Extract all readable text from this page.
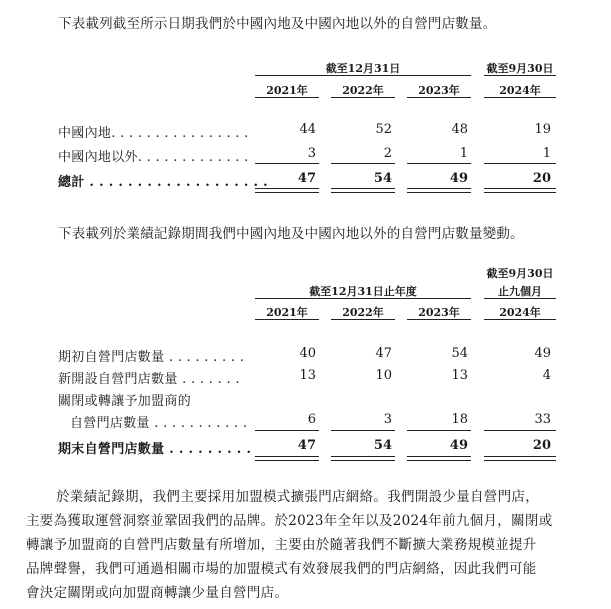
下表載列截至所示日期我們於中國內地及中國內地以外的自營門店數量。
截至12月31日	截至9月30日
2021年	2022年	2023年	2024年
中國內地. . . . . . . . . . . . . . . .	44	52	48	19
中國內地以外. . . . . . . . . . . . .	3	2	1	1
總計 . . . . . . . . . . . . . . . . . . .	47	54	49	20
下表載列於業績記錄期間我們中國內地及中國內地以外的自營門店數量變動。
截至9月30日
截至12月31日止年度	止九個月
2021年	2022年	2023年	2024年
期初自營門店數量 . . . . . . . . .	40	47	54	49
新開設自營門店數量 . . . . . . .	13	10	13	4
關閉或轉讓予加盟商的
自營門店數量 . . . . . . . . . . .	6	3	18	33
期末自營門店數量 . . . . . . . . .	47	54	49	20
於業績記錄期，我們主要採用加盟模式擴張門店網絡。我們開設少量自營門店，
主要為獲取運營洞察並鞏固我們的品牌。於2023年全年以及2024年前九個月，關閉或
轉讓予加盟商的自營門店數量有所增加，主要由於隨著我們不斷擴大業務規模並提升
品牌聲譽，我們可通過相關市場的加盟模式有效發展我們的門店網絡，因此我們可能
會決定關閉或向加盟商轉讓少量自營門店。
